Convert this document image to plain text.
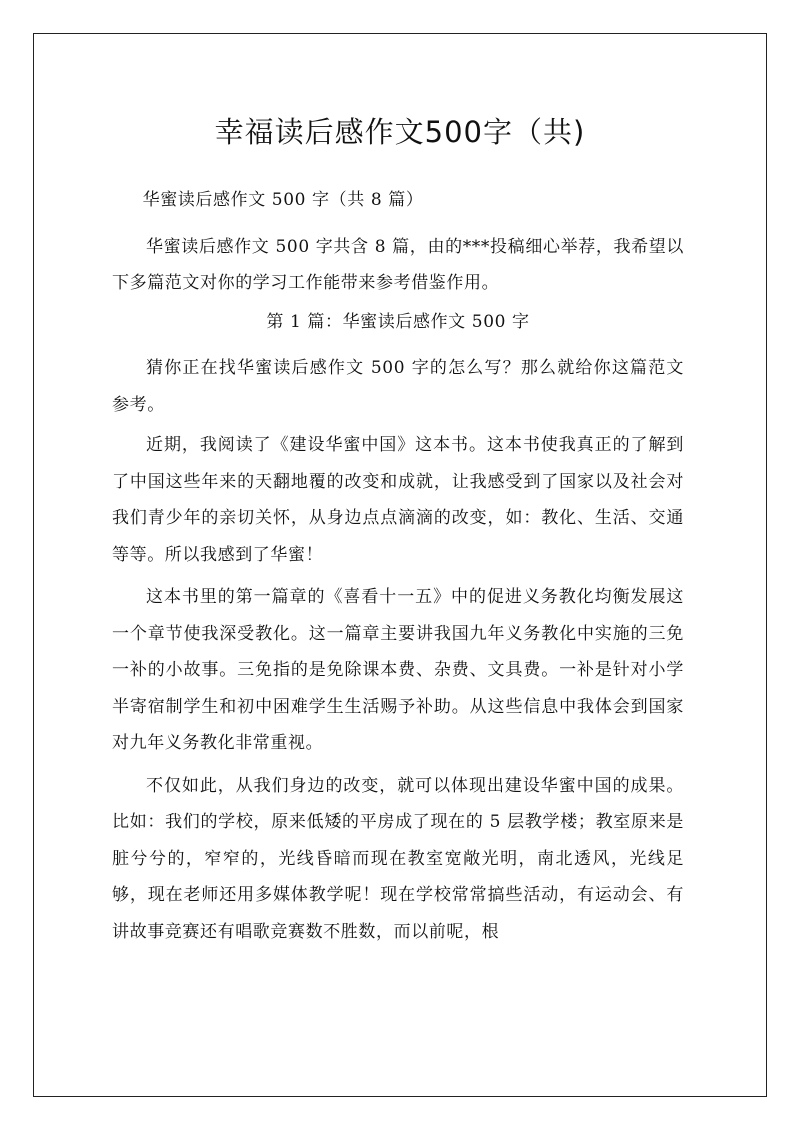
幸福读后感作文500字（共)

华蜜读后感作文 500 字（共 8 篇）

华蜜读后感作文 500 字共含 8 篇，由的***投稿细心举荐，我希望以下多篇范文对你的学习工作能带来参考借鉴作用。

第 1 篇：华蜜读后感作文 500 字

猜你正在找华蜜读后感作文 500 字的怎么写？那么就给你这篇范文参考。

近期，我阅读了《建设华蜜中国》这本书。这本书使我真正的了解到了中国这些年来的天翻地覆的改变和成就，让我感受到了国家以及社会对我们青少年的亲切关怀，从身边点点滴滴的改变，如：教化、生活、交通等等。所以我感到了华蜜！

这本书里的第一篇章的《喜看十一五》中的促进义务教化均衡发展这一个章节使我深受教化。这一篇章主要讲我国九年义务教化中实施的三免一补的小故事。三免指的是免除课本费、杂费、文具费。一补是针对小学半寄宿制学生和初中困难学生生活赐予补助。从这些信息中我体会到国家对九年义务教化非常重视。

不仅如此，从我们身边的改变，就可以体现出建设华蜜中国的成果。比如：我们的学校，原来低矮的平房成了现在的 5 层教学楼；教室原来是脏兮兮的，窄窄的，光线昏暗而现在教室宽敞光明，南北透风，光线足够，现在老师还用多媒体教学呢！现在学校常常搞些活动，有运动会、有讲故事竞赛还有唱歌竞赛数不胜数，而以前呢，根
